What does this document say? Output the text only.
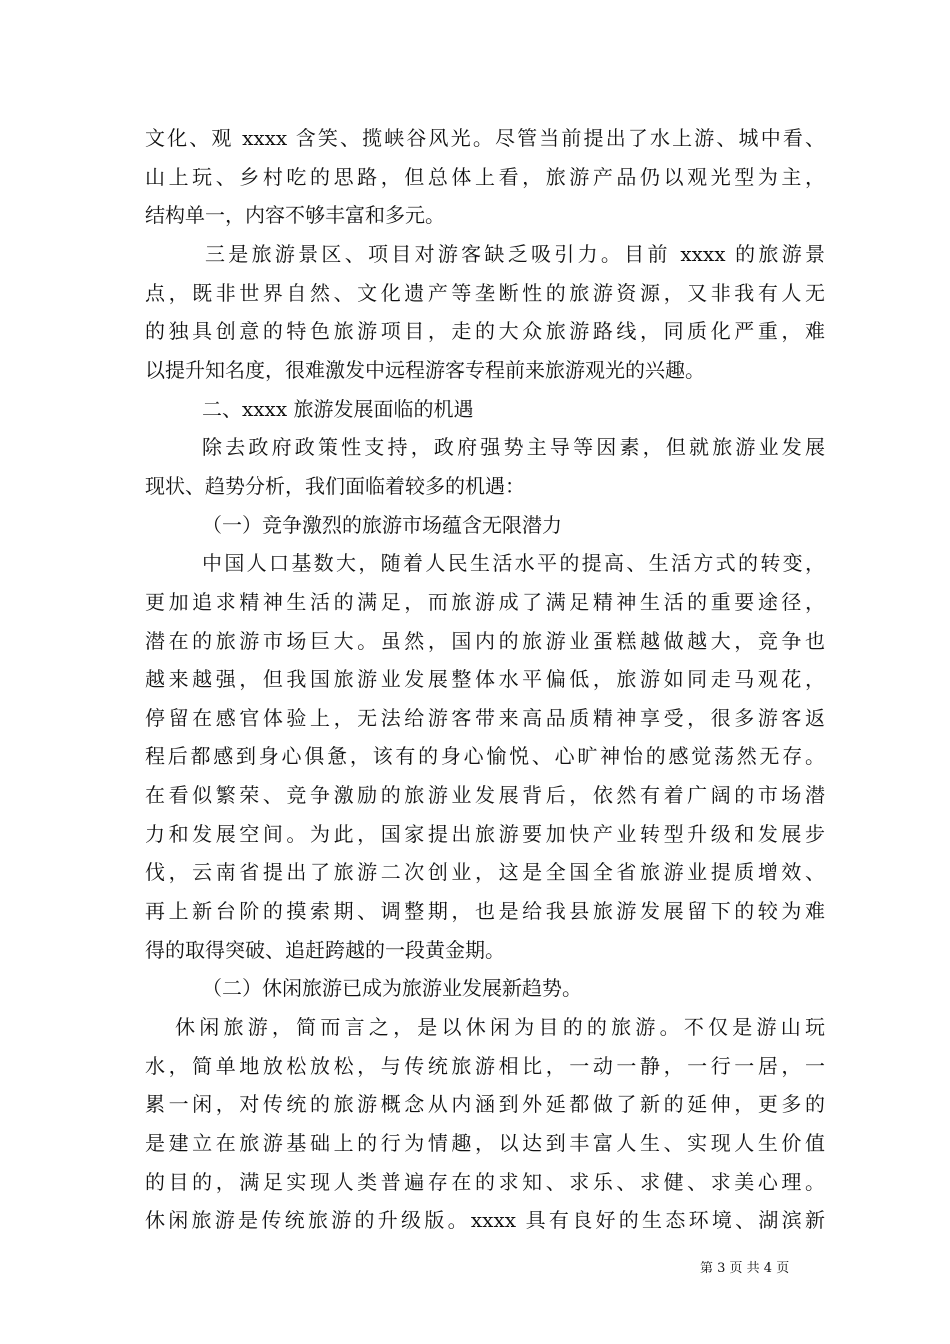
文化、观 xxxx 含笑、揽峡谷风光。尽管当前提出了水上游、城中看、
山上玩、乡村吃的思路，但总体上看，旅游产品仍以观光型为主，
结构单一，内容不够丰富和多元。
三是旅游景区、项目对游客缺乏吸引力。目前 xxxx 的旅游景
点，既非世界自然、文化遗产等垄断性的旅游资源，又非我有人无
的独具创意的特色旅游项目，走的大众旅游路线，同质化严重，难
以提升知名度，很难激发中远程游客专程前来旅游观光的兴趣。
二、xxxx 旅游发展面临的机遇
除去政府政策性支持，政府强势主导等因素，但就旅游业发展
现状、趋势分析，我们面临着较多的机遇：
（一）竞争激烈的旅游市场蕴含无限潜力
中国人口基数大，随着人民生活水平的提高、生活方式的转变，
更加追求精神生活的满足，而旅游成了满足精神生活的重要途径，
潜在的旅游市场巨大。虽然，国内的旅游业蛋糕越做越大，竞争也
越来越强，但我国旅游业发展整体水平偏低，旅游如同走马观花，
停留在感官体验上，无法给游客带来高品质精神享受，很多游客返
程后都感到身心俱惫，该有的身心愉悦、心旷神怡的感觉荡然无存。
在看似繁荣、竞争激励的旅游业发展背后，依然有着广阔的市场潜
力和发展空间。为此，国家提出旅游要加快产业转型升级和发展步
伐，云南省提出了旅游二次创业，这是全国全省旅游业提质增效、
再上新台阶的摸索期、调整期，也是给我县旅游发展留下的较为难
得的取得突破、追赶跨越的一段黄金期。
（二）休闲旅游已成为旅游业发展新趋势。
休闲旅游，简而言之，是以休闲为目的的旅游。不仅是游山玩
水，简单地放松放松，与传统旅游相比，一动一静，一行一居，一
累一闲，对传统的旅游概念从内涵到外延都做了新的延伸，更多的
是建立在旅游基础上的行为情趣，以达到丰富人生、实现人生价值
的目的，满足实现人类普遍存在的求知、求乐、求健、求美心理。
休闲旅游是传统旅游的升级版。xxxx 具有良好的生态环境、湖滨新
第 3 页 共 4 页
